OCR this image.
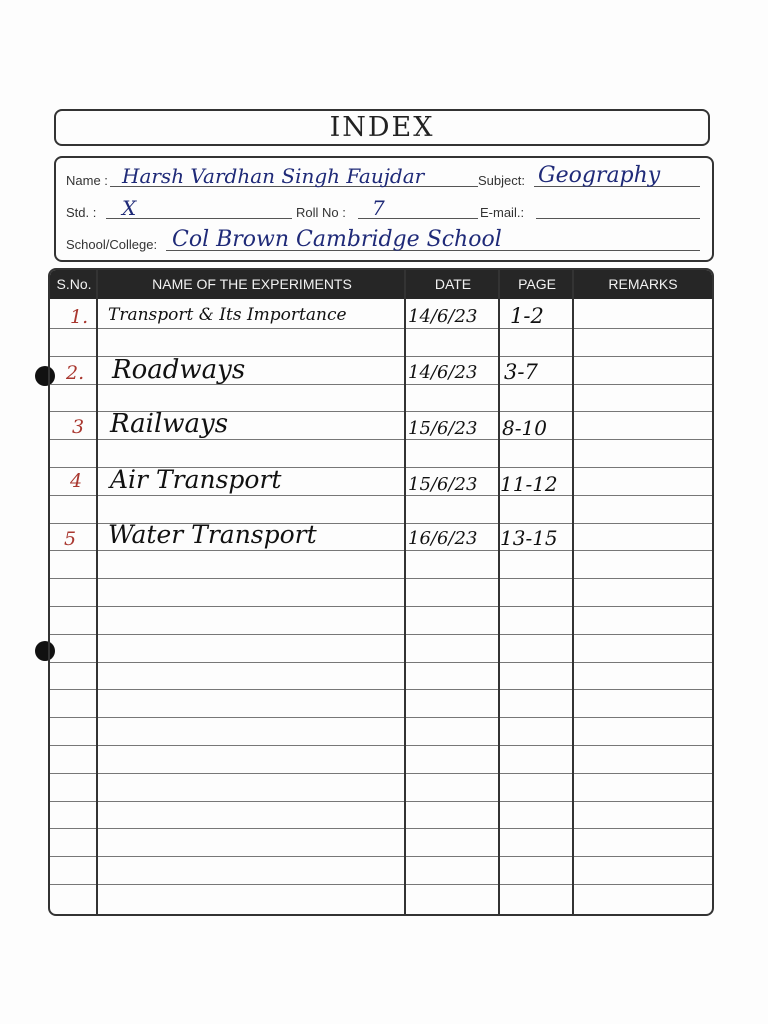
INDEX
Name : Harsh Vardhan Singh Faujdar	Subject: Geography
Std. : X	Roll No : 7	E-mail.:
School/College: Col Brown Cambridge School
S.No.	NAME OF THE EXPERIMENTS	DATE	PAGE	REMARKS
1. Transport & Its Importance	14/6/23 1-2
2. Roadways	14/6/23 3-7
3 Railways	15/6/23 8-10
4 Air Transport	15/6/23 11-12
5 Water Transport	16/6/23 13-15
